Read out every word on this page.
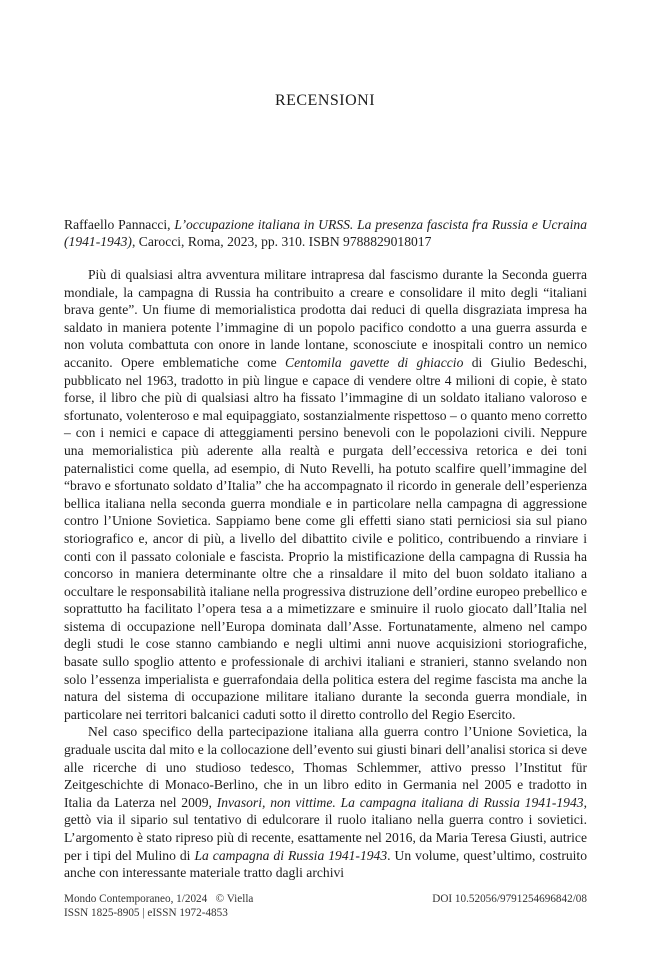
RECENSIONI

Raffaello Pannacci, L’occupazione italiana in URSS. La presenza fascista fra Russia e Ucraina (1941-1943), Carocci, Roma, 2023, pp. 310. ISBN 9788829018017

Più di qualsiasi altra avventura militare intrapresa dal fascismo durante la Seconda guerra mondiale, la campagna di Russia ha contribuito a creare e consolidare il mito degli “italiani brava gente”. Un fiume di memorialistica prodotta dai reduci di quella disgraziata impresa ha saldato in maniera potente l’immagine di un popolo pacifico condotto a una guerra assurda e non voluta combattuta con onore in lande lontane, sconosciute e inospitali contro un nemico accanito. Opere emblematiche come Centomila gavette di ghiaccio di Giulio Bedeschi, pubblicato nel 1963, tradotto in più lingue e capace di vendere oltre 4 milioni di copie, è stato forse, il libro che più di qualsiasi altro ha fissato l’immagine di un soldato italiano valoroso e sfortunato, volenteroso e mal equipaggiato, sostanzialmente rispettoso – o quanto meno corretto – con i nemici e capace di atteggiamenti persino benevoli con le popolazioni civili. Neppure una memorialistica più aderente alla realtà e purgata dell’eccessiva retorica e dei toni paternalistici come quella, ad esempio, di Nuto Revelli, ha potuto scalfire quell’immagine del “bravo e sfortunato soldato d’Italia” che ha accompagnato il ricordo in generale dell’esperienza bellica italiana nella seconda guerra mondiale e in particolare nella campagna di aggressione contro l’Unione Sovietica. Sappiamo bene come gli effetti siano stati perniciosi sia sul piano storiografico e, ancor di più, a livello del dibattito civile e politico, contribuendo a rinviare i conti con il passato coloniale e fascista. Proprio la mistificazione della campagna di Russia ha concorso in maniera determinante oltre che a rinsaldare il mito del buon soldato italiano a occultare le responsabilità italiane nella progressiva distruzione dell’ordine europeo prebellico e soprattutto ha facilitato l’opera tesa a a mimetizzare e sminuire il ruolo giocato dall’Italia nel sistema di occupazione nell’Europa dominata dall’Asse. Fortunatamente, almeno nel campo degli studi le cose stanno cambiando e negli ultimi anni nuove acquisizioni storiografiche, basate sullo spoglio attento e professionale di archivi italiani e stranieri, stanno svelando non solo l’essenza imperialista e guerrafondaia della politica estera del regime fascista ma anche la natura del sistema di occupazione militare italiano durante la seconda guerra mondiale, in particolare nei territori balcanici caduti sotto il diretto controllo del Regio Esercito.

Nel caso specifico della partecipazione italiana alla guerra contro l’Unione Sovietica, la graduale uscita dal mito e la collocazione dell’evento sui giusti binari dell’analisi storica si deve alle ricerche di uno studioso tedesco, Thomas Schlemmer, attivo presso l’Institut für Zeitgeschichte di Monaco-Berlino, che in un libro edito in Germania nel 2005 e tradotto in Italia da Laterza nel 2009, Invasori, non vittime. La campagna italiana di Russia 1941-1943, gettò via il sipario sul tentativo di edulcorare il ruolo italiano nella guerra contro i sovietici. L’argomento è stato ripreso più di recente, esattamente nel 2016, da Maria Teresa Giusti, autrice per i tipi del Mulino di La campagna di Russia 1941-1943. Un volume, quest’ultimo, costruito anche con interessante materiale tratto dagli archivi

Mondo Contemporaneo, 1/2024 © Viella	DOI 10.52056/9791254696842/08
ISSN 1825-8905 | eISSN 1972-4853
